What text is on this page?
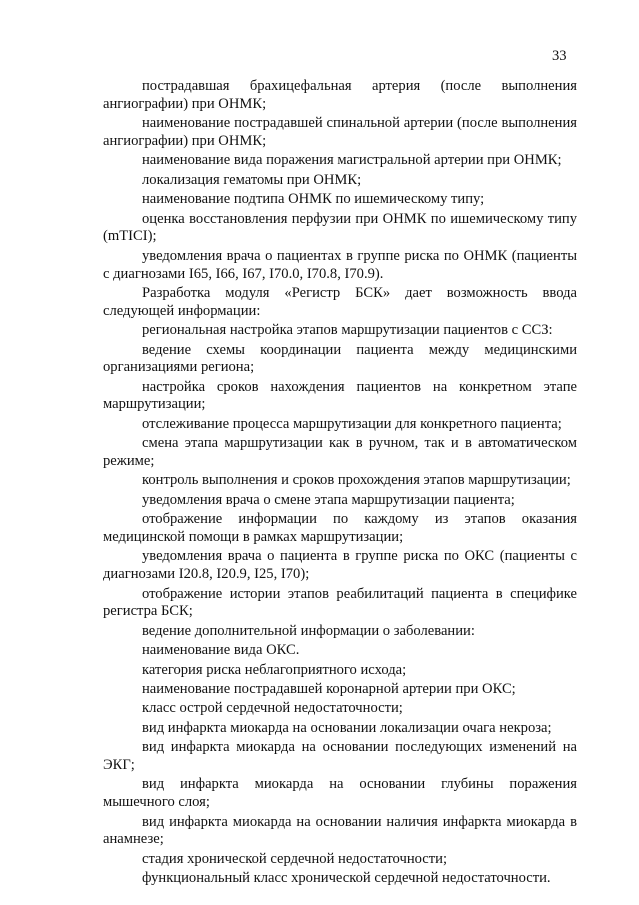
33

пострадавшая брахицефальная артерия (после выполнения ангиографии) при ОНМК;

наименование пострадавшей спинальной артерии (после выполнения ангиографии) при ОНМК;

наименование вида поражения магистральной артерии при ОНМК;

локализация гематомы при ОНМК;

наименование подтипа ОНМК по ишемическому типу;

оценка восстановления перфузии при ОНМК по ишемическому типу (mTICI);

уведомления врача о пациентах в группе риска по ОНМК (пациенты с диагнозами I65, I66, I67, I70.0, I70.8, I70.9).

Разработка модуля «Регистр БСК» дает возможность ввода следующей информации:

региональная настройка этапов маршрутизации пациентов с ССЗ:

ведение схемы координации пациента между медицинскими организациями региона;

настройка сроков нахождения пациентов на конкретном этапе маршрутизации;

отслеживание процесса маршрутизации для конкретного пациента;

смена этапа маршрутизации как в ручном, так и в автоматическом режиме;

контроль выполнения и сроков прохождения этапов маршрутизации;

уведомления врача о смене этапа маршрутизации пациента;

отображение информации по каждому из этапов оказания медицинской помощи в рамках маршрутизации;

уведомления врача о пациента в группе риска по ОКС (пациенты с диагнозами I20.8, I20.9, I25, I70);

отображение истории этапов реабилитаций пациента в специфике регистра БСК;

ведение дополнительной информации о заболевании:

наименование вида ОКС.

категория риска неблагоприятного исхода;

наименование пострадавшей коронарной артерии при ОКС;

класс острой сердечной недостаточности;

вид инфаркта миокарда на основании локализации очага некроза;

вид инфаркта миокарда на основании последующих изменений на ЭКГ;

вид инфаркта миокарда на основании глубины поражения мышечного слоя;

вид инфаркта миокарда на основании наличия инфаркта миокарда в анамнезе;

стадия хронической сердечной недостаточности;

функциональный класс хронической сердечной недостаточности.
